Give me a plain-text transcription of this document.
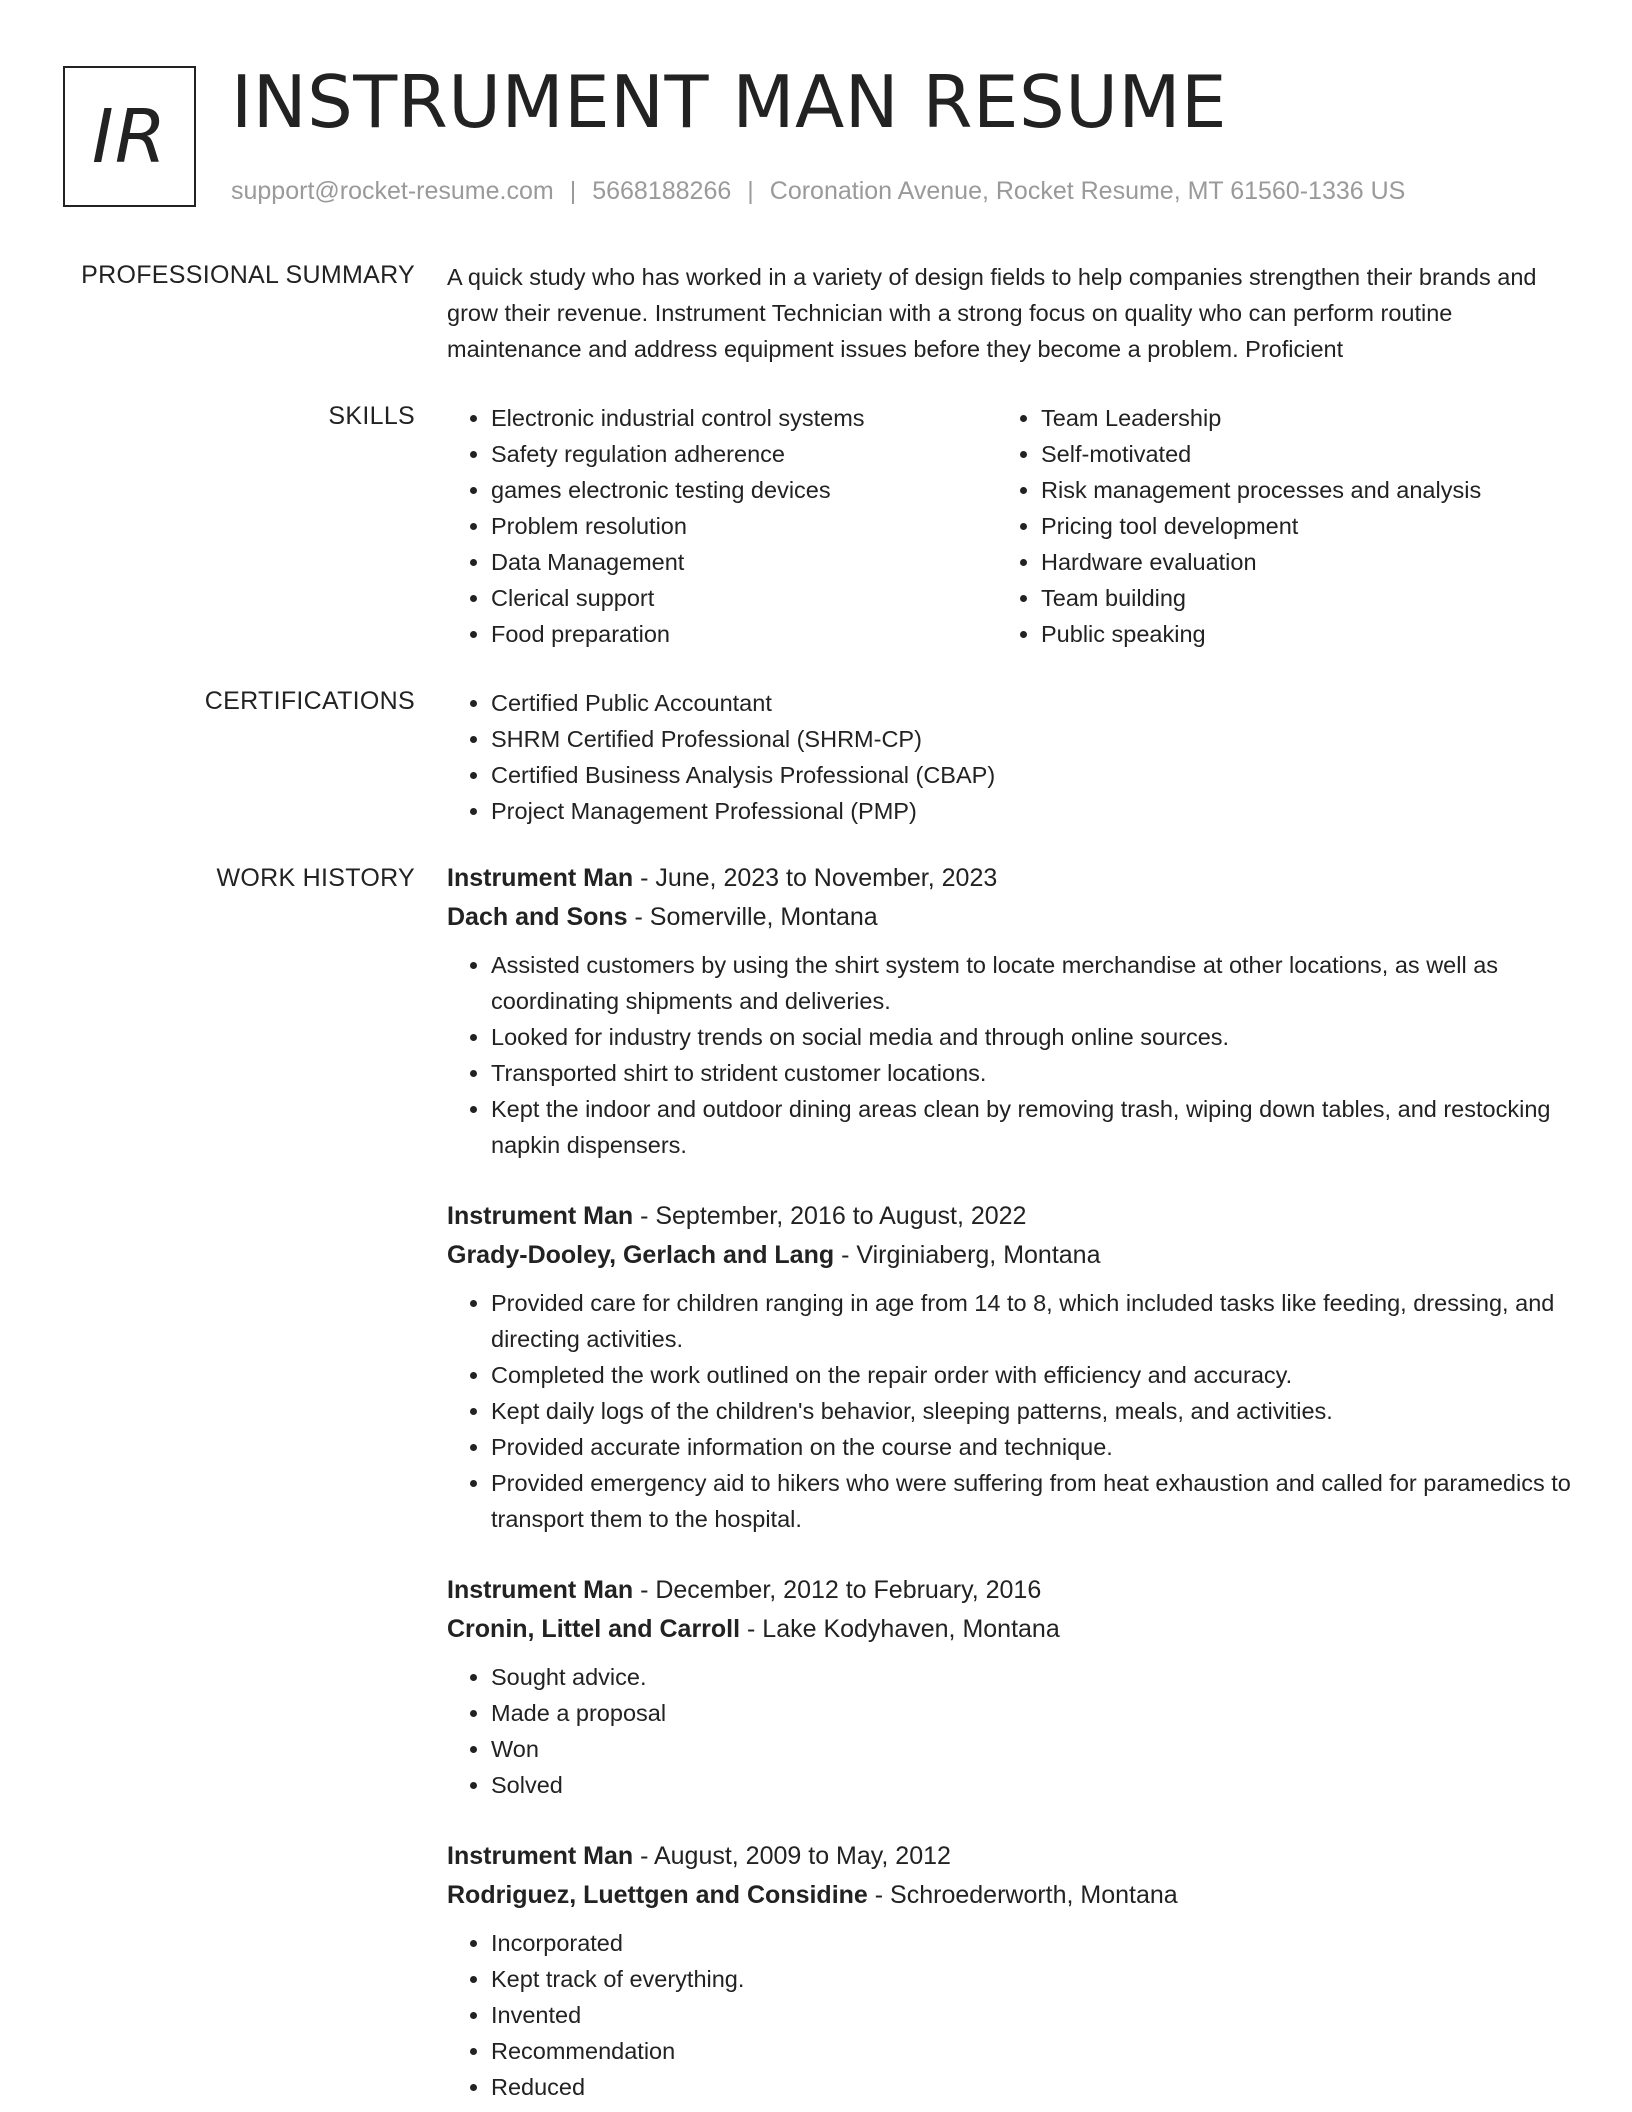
IR INSTRUMENT MAN RESUME
support@rocket-resume.com | 5668188266 | Coronation Avenue, Rocket Resume, MT 61560-1336 US
PROFESSIONAL SUMMARY A quick study who has worked in a variety of design fields to help companies strengthen their brands and grow their revenue. Instrument Technician with a strong focus on quality who can perform routine maintenance and address equipment issues before they become a problem. Proficient

SKILLS	• Electronic industrial control systems
• Safety regulation adherence
• games electronic testing devices
• Problem resolution
• Data Management
• Clerical support
• Food preparation
• Team Leadership
• Self-motivated
• Risk management processes and analysis
• Pricing tool development
• Hardware evaluation
• Team building
• Public speaking
CERTIFICATIONS	• Certified Public Accountant
• SHRM Certified Professional (SHRM-CP)
• Certified Business Analysis Professional (CBAP)
• Project Management Professional (PMP)
WORK HISTORY Instrument Man - June, 2023 to November, 2023
Dach and Sons - Somerville, Montana
• Assisted customers by using the shirt system to locate merchandise at other locations, as well as coordinating shipments and deliveries.
• Looked for industry trends on social media and through online sources.
• Transported shirt to strident customer locations.
• Kept the indoor and outdoor dining areas clean by removing trash, wiping down tables, and restocking napkin dispensers.
Instrument Man - September, 2016 to August, 2022
Grady-Dooley, Gerlach and Lang - Virginiaberg, Montana
• Provided care for children ranging in age from 14 to 8, which included tasks like feeding, dressing, and directing activities.
• Completed the work outlined on the repair order with efficiency and accuracy.
• Kept daily logs of the children's behavior, sleeping patterns, meals, and activities.
• Provided accurate information on the course and technique.
• Provided emergency aid to hikers who were suffering from heat exhaustion and called for paramedics to transport them to the hospital.
Instrument Man - December, 2012 to February, 2016
Cronin, Littel and Carroll - Lake Kodyhaven, Montana
• Sought advice.
• Made a proposal
• Won
• Solved
Instrument Man - August, 2009 to May, 2012
Rodriguez, Luettgen and Considine - Schroederworth, Montana
• Incorporated
• Kept track of everything.
• Invented
• Recommendation
• Reduced
